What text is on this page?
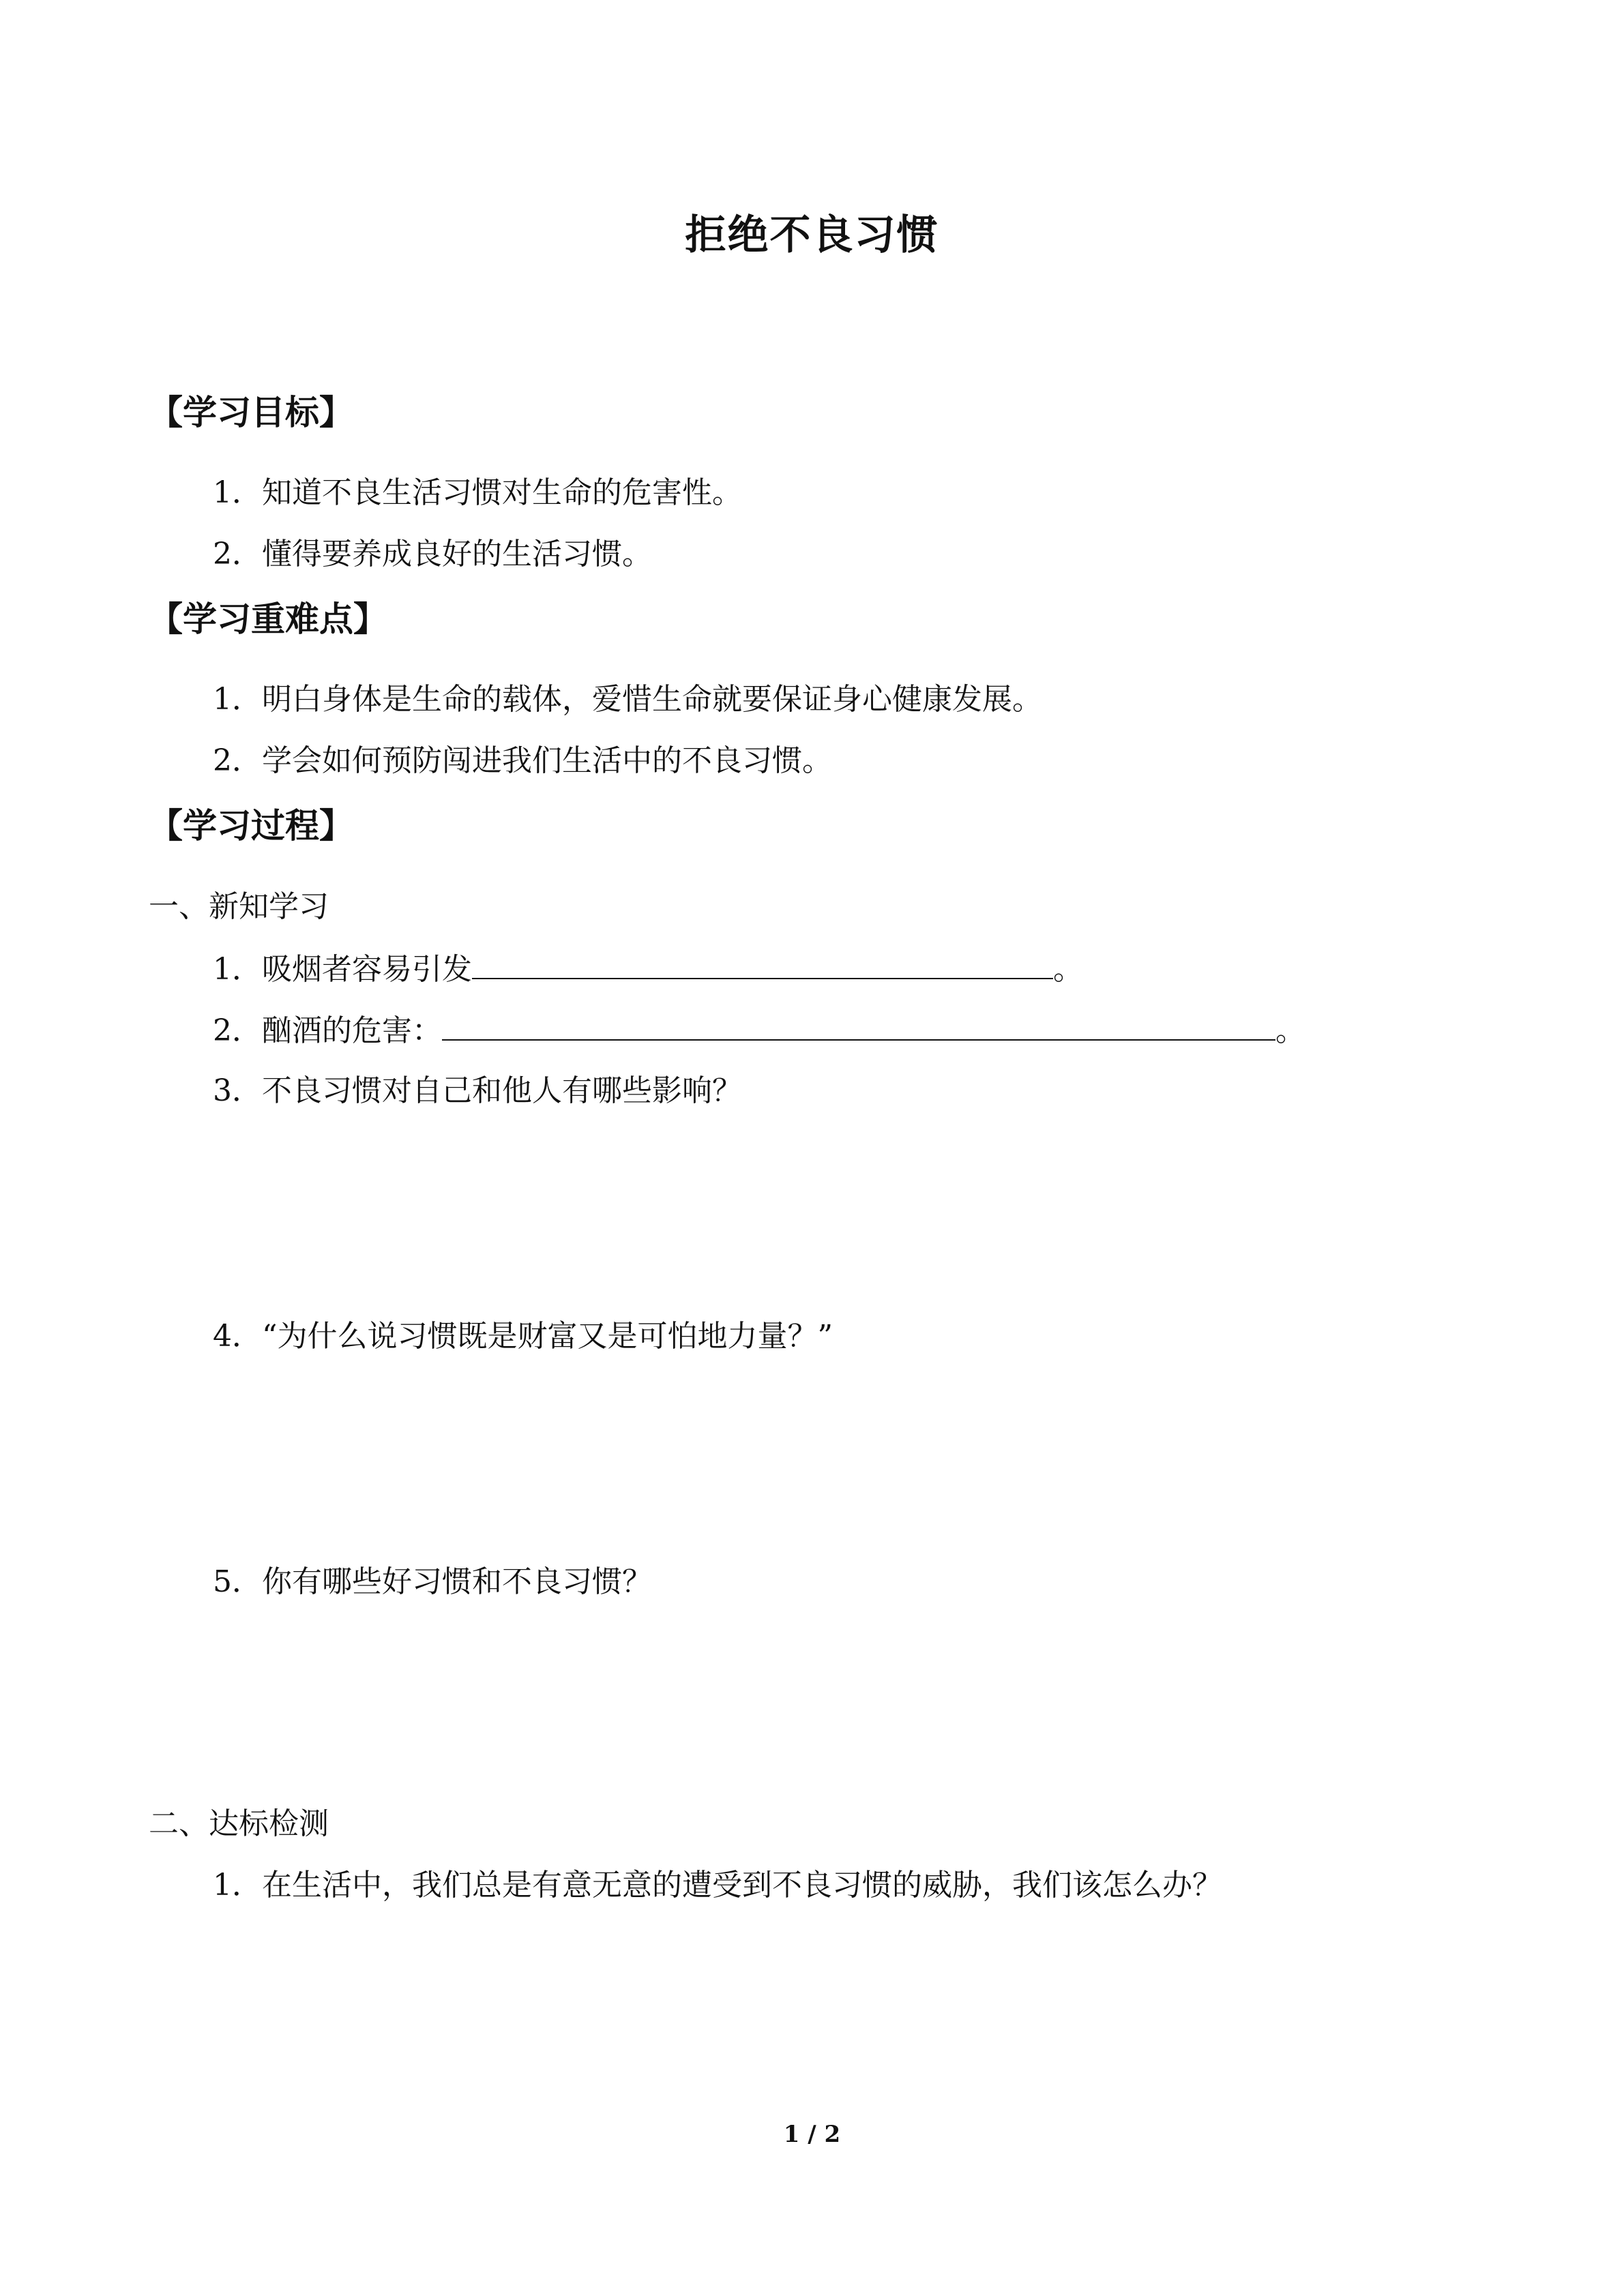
拒绝不良习惯
【学习目标】
1．知道不良生活习惯对生命的危害性。
2．懂得要养成良好的生活习惯。
【学习重难点】
1．明白身体是生命的载体，爱惜生命就要保证身心健康发展。
2．学会如何预防闯进我们生活中的不良习惯。
【学习过程】
一、新知学习
1．吸烟者容易引发	。
2．酗酒的危害：	。
3．不良习惯对自己和他人有哪些影响？
4．“为什么说习惯既是财富又是可怕地力量？”
5．你有哪些好习惯和不良习惯？
二、达标检测
1．在生活中，我们总是有意无意的遭受到不良习惯的威胁，我们该怎么办？
1 / 2
